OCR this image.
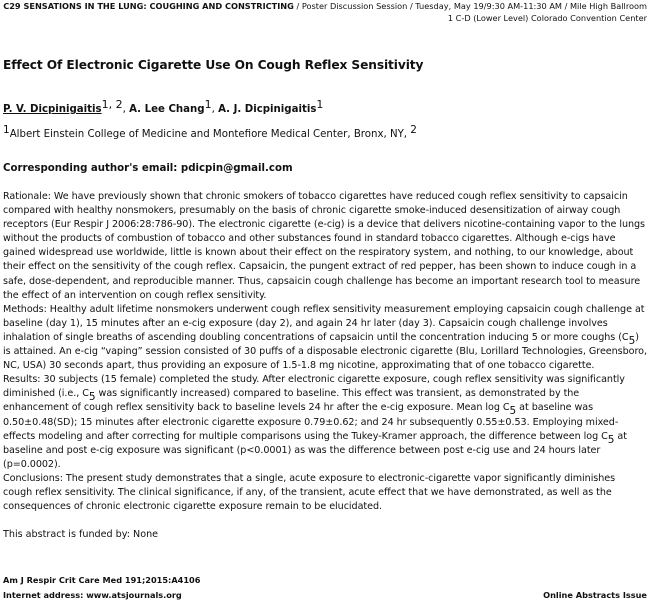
C29 SENSATIONS IN THE LUNG: COUGHING AND CONSTRICTING / Poster Discussion Session / Tuesday, May 19/9:30 AM-11:30 AM / Mile High Ballroom 1 C-D (Lower Level) Colorado Convention Center
Effect Of Electronic Cigarette Use On Cough Reflex Sensitivity
P. V. Dicpinigaitis$^{1, 2}$, A. Lee Chang$^1$, A. J. Dicpinigaitis$^1$
$^1$Albert Einstein College of Medicine and Montefiore Medical Center, Bronx, NY, $^2$
Corresponding author's email: pdicpin@gmail.com

Rationale: We have previously shown that chronic smokers of tobacco cigarettes have reduced cough reflex sensitivity to capsaicin compared with healthy nonsmokers, presumably on the basis of chronic cigarette smoke-induced desensitization of airway cough receptors (Eur Respir J 2006:28:786-90). The electronic cigarette (e-cig) is a device that delivers nicotine-containing vapor to the lungs without the products of combustion of tobacco and other substances found in standard tobacco cigarettes. Although e-cigs have gained widespread use worldwide, little is known about their effect on the respiratory system, and nothing, to our knowledge, about their effect on the sensitivity of the cough reflex. Capsaicin, the pungent extract of red pepper, has been shown to induce cough in a safe, dose-dependent, and reproducible manner. Thus, capsaicin cough challenge has become an important research tool to measure the effect of an intervention on cough reflex sensitivity.

Methods: Healthy adult lifetime nonsmokers underwent cough reflex sensitivity measurement employing capsaicin cough challenge at baseline (day 1), 15 minutes after an e-cig exposure (day 2), and again 24 hr later (day 3). Capsaicin cough challenge involves inhalation of single breaths of ascending doubling concentrations of capsaicin until the concentration inducing 5 or more coughs $(C_5)$ is attained. An e-cig “vaping” session consisted of 30 puffs of a disposable electronic cigarette (Blu, Lorillard Technologies, Greensboro, NC, USA) 30 seconds apart, thus providing an exposure of 1.5-1.8 mg nicotine, approximating that of one tobacco cigarette.

Results: 30 subjects (15 female) completed the study. After electronic cigarette exposure, cough reflex sensitivity was significantly diminished (i.e., $C_5$ was significantly increased) compared to baseline. This effect was transient, as demonstrated by the enhancement of cough reflex sensitivity back to baseline levels 24 hr after the e-cig exposure. Mean $\log C_5$ at baseline was 0.50±0.48(SD); 15 minutes after electronic cigarette exposure 0.79±0.62; and 24 hr subsequently 0.55±0.53. Employing mixed-effects modeling and after correcting for multiple comparisons using the Tukey-Kramer approach, the difference between $\log C_5$ at baseline and post e-cig exposure was significant (p<0.0001) as was the difference between post e-cig use and 24 hours later (p=0.0002).

Conclusions: The present study demonstrates that a single, acute exposure to electronic-cigarette vapor significantly diminishes cough reflex sensitivity. The clinical significance, if any, of the transient, acute effect that we have demonstrated, as well as the consequences of chronic electronic cigarette exposure remain to be elucidated.

This abstract is funded by: None
Am J Respir Crit Care Med 191;2015:A4106
Internet address: www.atsjournals.org	Online Abstracts Issue
